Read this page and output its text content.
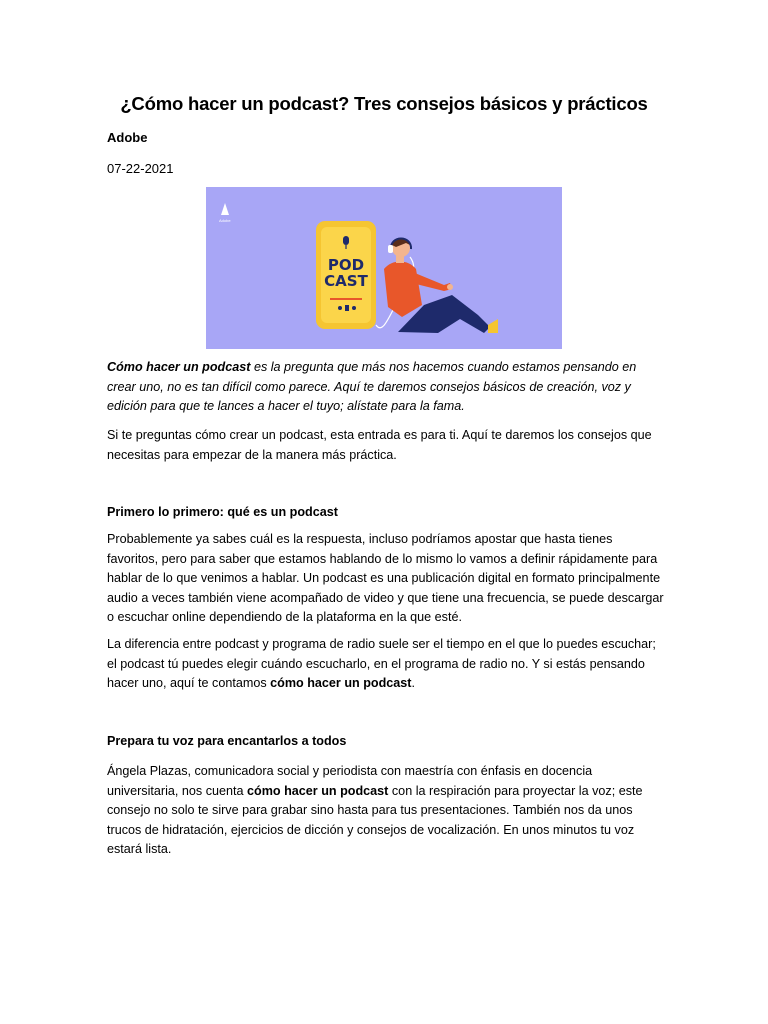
¿Cómo hacer un podcast? Tres consejos básicos y prácticos

Adobe

07-22-2021

Adobe
POD
CAST

Cómo hacer un podcast es la pregunta que más nos hacemos cuando estamos pensando en crear uno, no es tan difícil como parece. Aquí te daremos consejos básicos de creación, voz y edición para que te lances a hacer el tuyo; alístate para la fama.

Si te preguntas cómo crear un podcast, esta entrada es para ti. Aquí te daremos los consejos que necesitas para empezar de la manera más práctica.

Primero lo primero: qué es un podcast

Probablemente ya sabes cuál es la respuesta, incluso podríamos apostar que hasta tienes favoritos, pero para saber que estamos hablando de lo mismo lo vamos a definir rápidamente para hablar de lo que venimos a hablar. Un podcast es una publicación digital en formato principalmente audio a veces también viene acompañado de video y que tiene una frecuencia, se puede descargar o escuchar online dependiendo de la plataforma en la que esté.

La diferencia entre podcast y programa de radio suele ser el tiempo en el que lo puedes escuchar; el podcast tú puedes elegir cuándo escucharlo, en el programa de radio no. Y si estás pensando hacer uno, aquí te contamos cómo hacer un podcast.

Prepara tu voz para encantarlos a todos

Ángela Plazas, comunicadora social y periodista con maestría con énfasis en docencia universitaria, nos cuenta cómo hacer un podcast con la respiración para proyectar la voz; este consejo no solo te sirve para grabar sino hasta para tus presentaciones. También nos da unos trucos de hidratación, ejercicios de dicción y consejos de vocalización. En unos minutos tu voz estará lista.
